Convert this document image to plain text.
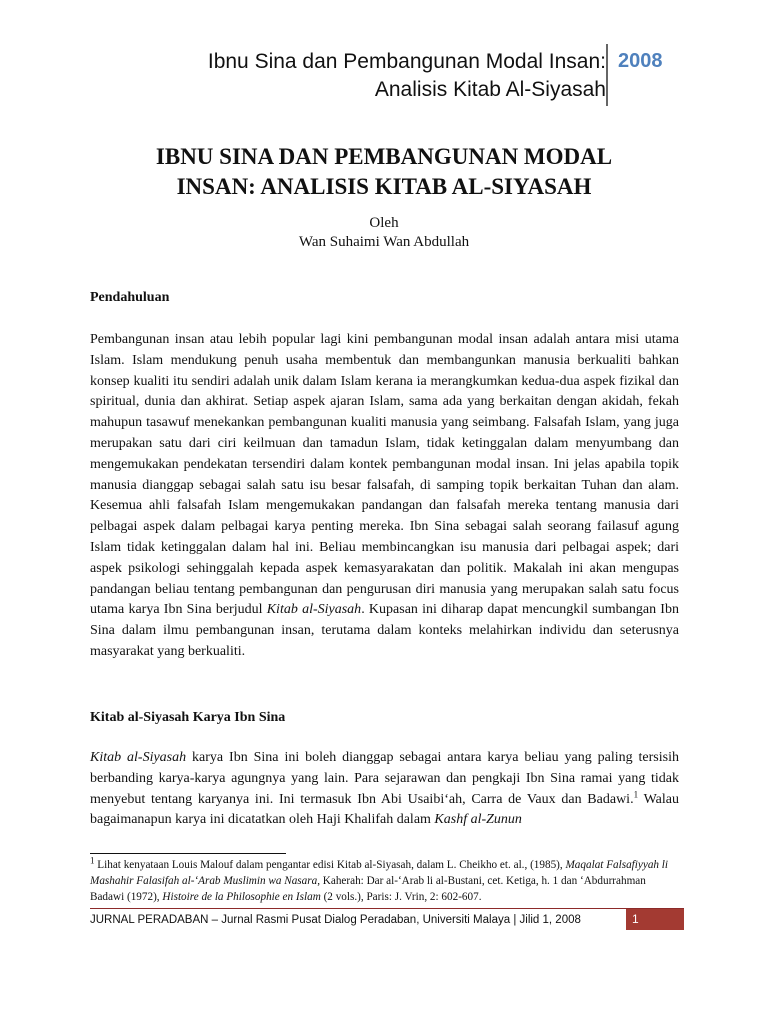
Ibnu Sina dan Pembangunan Modal Insan:
Analisis Kitab Al-Siyasah
2008
IBNU SINA DAN PEMBANGUNAN MODAL
INSAN: ANALISIS KITAB AL-SIYASAH
Oleh
Wan Suhaimi Wan Abdullah
Pendahuluan

Pembangunan insan atau lebih popular lagi kini pembangunan modal insan adalah antara misi utama Islam. Islam mendukung penuh usaha membentuk dan membangunkan manusia berkualiti bahkan konsep kualiti itu sendiri adalah unik dalam Islam kerana ia merangkumkan kedua-dua aspek fizikal dan spiritual, dunia dan akhirat. Setiap aspek ajaran Islam, sama ada yang berkaitan dengan akidah, fekah mahupun tasawuf menekankan pembangunan kualiti manusia yang seimbang. Falsafah Islam, yang juga merupakan satu dari ciri keilmuan dan tamadun Islam, tidak ketinggalan dalam menyumbang dan mengemukakan pendekatan tersendiri dalam kontek pembangunan modal insan. Ini jelas apabila topik manusia dianggap sebagai salah satu isu besar falsafah, di samping topik berkaitan Tuhan dan alam. Kesemua ahli falsafah Islam mengemukakan pandangan dan falsafah mereka tentang manusia dari pelbagai aspek dalam pelbagai karya penting mereka. Ibn Sina sebagai salah seorang failasuf agung Islam tidak ketinggalan dalam hal ini. Beliau membincangkan isu manusia dari pelbagai aspek; dari aspek psikologi sehinggalah kepada aspek kemasyarakatan dan politik. Makalah ini akan mengupas pandangan beliau tentang pembangunan dan pengurusan diri manusia yang merupakan salah satu focus utama karya Ibn Sina berjudul Kitab al-Siyasah. Kupasan ini diharap dapat mencungkil sumbangan Ibn Sina dalam ilmu pembangunan insan, terutama dalam konteks melahirkan individu dan seterusnya masyarakat yang berkualiti.

Kitab al-Siyasah Karya Ibn Sina

Kitab al-Siyasah karya Ibn Sina ini boleh dianggap sebagai antara karya beliau yang paling tersisih berbanding karya-karya agungnya yang lain. Para sejarawan dan pengkaji Ibn Sina ramai yang tidak menyebut tentang karyanya ini. Ini termasuk Ibn Abi Usaibi‘ah, Carra de Vaux dan Badawi.$^1$ Walau bagaimanapun karya ini dicatatkan oleh Haji Khalifah dalam Kashf al-Zunun

$^1$ Lihat kenyataan Louis Malouf dalam pengantar edisi Kitab al-Siyasah, dalam L. Cheikho et. al., (1985), Maqalat Falsafiyyah li Mashahir Falasifah al-‘Arab Muslimin wa Nasara, Kaherah: Dar al-‘Arab li al-Bustani, cet. Ketiga, h. 1 dan ‘Abdurrahman Badawi (1972), Histoire de la Philosophie en Islam (2 vols.), Paris: J. Vrin, 2: 602-607.
JURNAL PERADABAN – Jurnal Rasmi Pusat Dialog Peradaban, Universiti Malaya | Jilid 1, 2008	1
